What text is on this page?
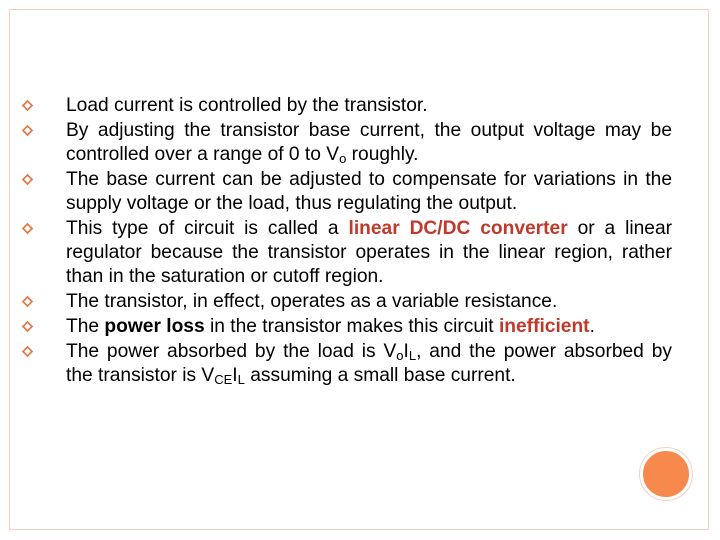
Load current is controlled by the transistor.
By adjusting the transistor base current, the output voltage may be controlled over a range of 0 to $V_o$ roughly.
The base current can be adjusted to compensate for variations in the supply voltage or the load, thus regulating the output.
This type of circuit is called a linear DC/DC converter or a linear regulator because the transistor operates in the linear region, rather than in the saturation or cutoff region.
The transistor, in effect, operates as a variable resistance.
The power loss in the transistor makes this circuit inefficient.
The power absorbed by the load is $V_oI_L$, and the power absorbed by the transistor is $V_{CE}I_L$ assuming a small base current.
